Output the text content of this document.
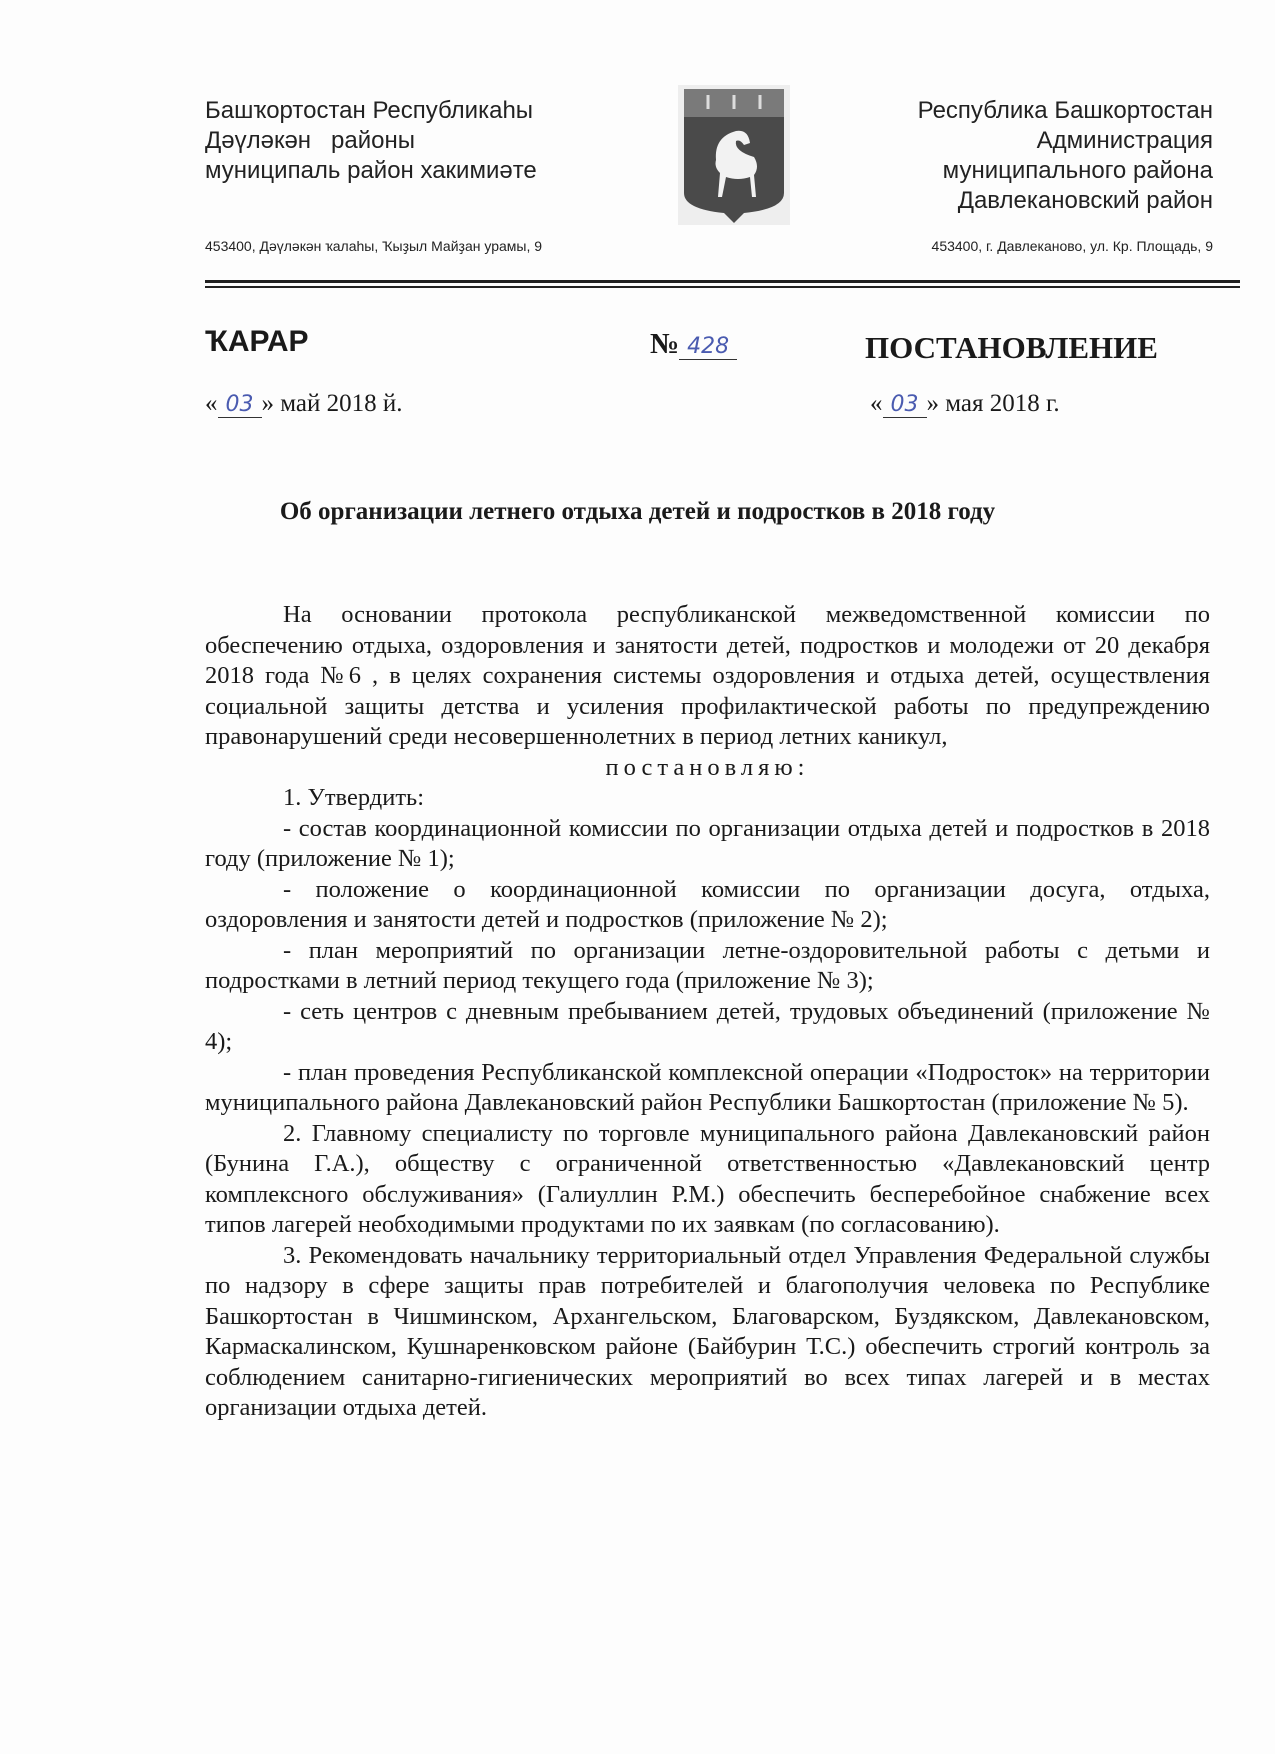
Башҡортостан Республикаһы
Дәүләкән   районы
муниципаль район хакимиәте
Республика Башкортостан
Администрация
муниципального района
Давлекановский район
453400, Дәүләкән ҡалаһы, Ҡыҙыл Майҙан урамы, 9	453400, г. Давлеканово, ул. Кр. Площадь, 9
ҠАРАР	№ 428	ПОСТАНОВЛЕНИЕ
« 03 » май 2018 й.	« 03 » мая 2018 г.
Об организации летнего отдыха детей и подростков в 2018 году

На основании протокола республиканской межведомственной комиссии по обеспечению отдыха, оздоровления и занятости детей, подростков и молодежи от 20 декабря 2018 года №6 , в целях сохранения системы оздоровления и отдыха детей, осуществления социальной защиты детства и усиления профилактической работы по предупреждению правонарушений среди несовершеннолетних в период летних каникул,

постановляю:

1. Утвердить:

- состав координационной комиссии по организации отдыха детей и подростков в 2018 году (приложение № 1);

- положение о координационной комиссии по организации досуга, отдыха, оздоровления и занятости детей и подростков (приложение № 2);

- план мероприятий по организации летне-оздоровительной работы с детьми и подростками в летний период текущего года (приложение № 3);

- сеть центров с дневным пребыванием детей, трудовых объединений (приложение № 4);

- план проведения Республиканской комплексной операции «Подросток» на территории муниципального района Давлекановский район Республики Башкортостан (приложение № 5).

2. Главному специалисту по торговле муниципального района Давлекановский район (Бунина Г.А.), обществу с ограниченной ответственностью «Давлекановский центр комплексного обслуживания» (Галиуллин Р.М.) обеспечить бесперебойное снабжение всех типов лагерей необходимыми продуктами по их заявкам (по согласованию).

3. Рекомендовать начальнику территориальный отдел Управления Федеральной службы по надзору в сфере защиты прав потребителей и благополучия человека по Республике Башкортостан в Чишминском, Архангельском, Благоварском, Буздякском, Давлекановском, Кармаскалинском, Кушнаренковском районе (Байбурин Т.С.) обеспечить строгий контроль за соблюдением санитарно-гигиенических мероприятий во всех типах лагерей и в местах организации отдыха детей.
